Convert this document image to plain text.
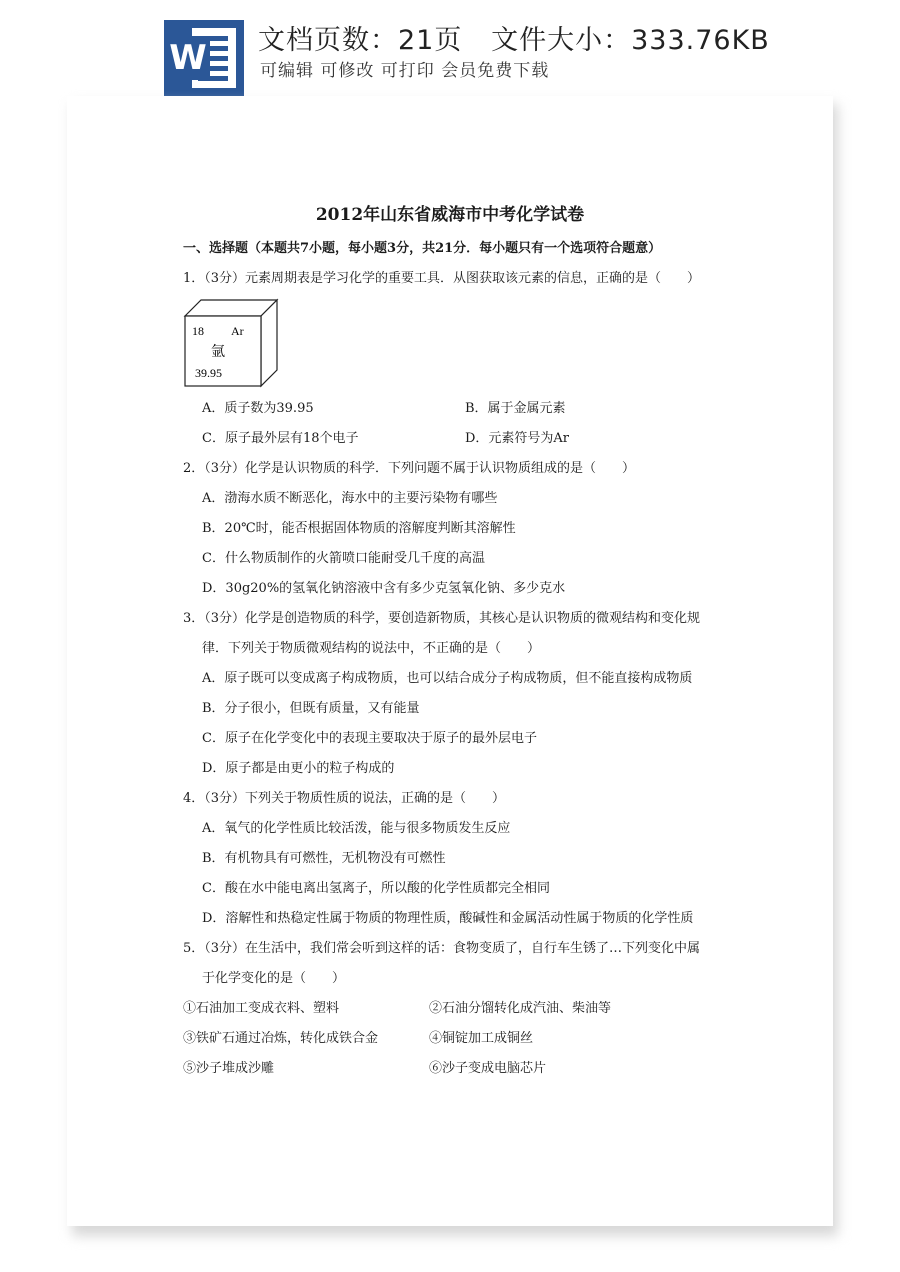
W 文档页数：21页   文件大小：333.76KB
可编辑 可修改 可打印 会员免费下载
2012年山东省威海市中考化学试卷
一、选择题（本题共7小题，每小题3分，共21分．每小题只有一个选项符合题意）
1．（3分）元素周期表是学习化学的重要工具．从图获取该元素的信息，正确的是（　　）
18 Ar
氩
39.95
A．质子数为39.95	B．属于金属元素
C．原子最外层有18个电子	D．元素符号为Ar
2．（3分）化学是认识物质的科学．下列问题不属于认识物质组成的是（　　）
A．渤海水质不断恶化，海水中的主要污染物有哪些
B．20℃时，能否根据固体物质的溶解度判断其溶解性
C．什么物质制作的火箭喷口能耐受几千度的高温
D．30g20%的氢氧化钠溶液中含有多少克氢氧化钠、多少克水
3．（3分）化学是创造物质的科学，要创造新物质，其核心是认识物质的微观结构和变化规
律．下列关于物质微观结构的说法中，不正确的是（　　）
A．原子既可以变成离子构成物质，也可以结合成分子构成物质，但不能直接构成物质
B．分子很小，但既有质量，又有能量
C．原子在化学变化中的表现主要取决于原子的最外层电子
D．原子都是由更小的粒子构成的
4．（3分）下列关于物质性质的说法，正确的是（　　）
A．氧气的化学性质比较活泼，能与很多物质发生反应
B．有机物具有可燃性，无机物没有可燃性
C．酸在水中能电离出氢离子，所以酸的化学性质都完全相同
D．溶解性和热稳定性属于物质的物理性质，酸碱性和金属活动性属于物质的化学性质
5．（3分）在生活中，我们常会听到这样的话：食物变质了，自行车生锈了…下列变化中属
于化学变化的是（　　）
①石油加工变成衣料、塑料	②石油分馏转化成汽油、柴油等
③铁矿石通过冶炼，转化成铁合金	④铜锭加工成铜丝
⑤沙子堆成沙雕	⑥沙子变成电脑芯片
